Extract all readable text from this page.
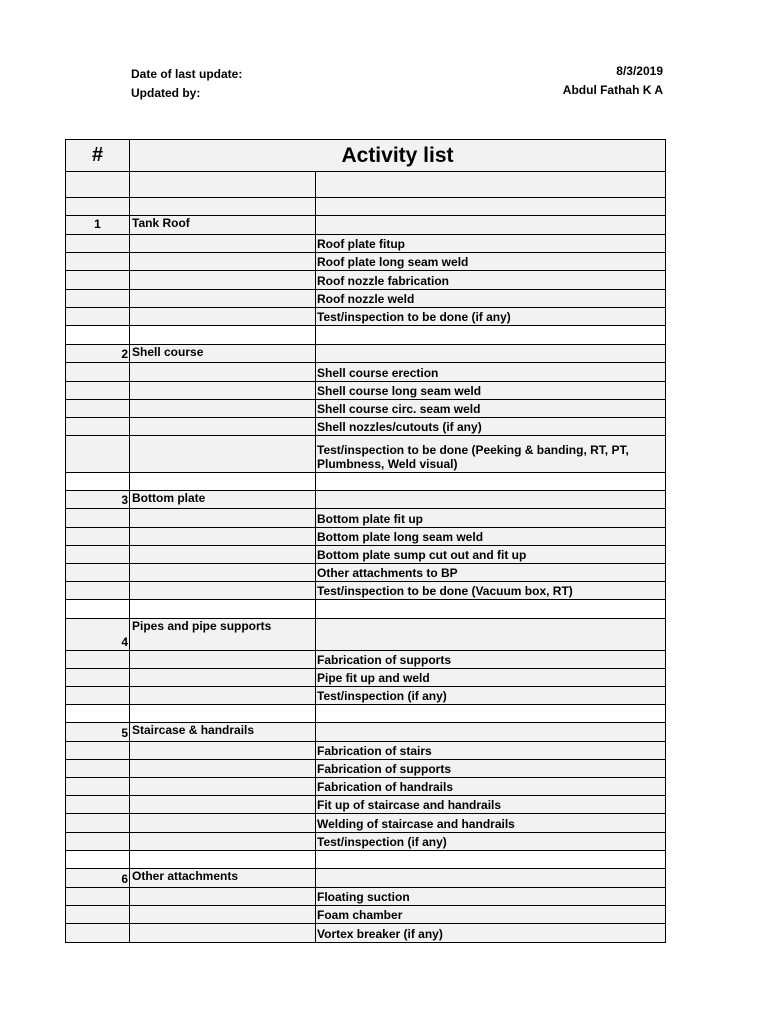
Date of last update:
Updated by:
8/3/2019
Abdul Fathah K A
#	Activity list
1	Tank Roof
Roof plate fitup
Roof plate long seam weld
Roof nozzle fabrication
Roof nozzle weld
Test/inspection to be done (if any)
2 Shell course
Shell course erection
Shell course long seam weld
Shell course circ. seam weld
Shell nozzles/cutouts (if any)
Test/inspection to be done (Peeking & banding, RT, PT, Plumbness, Weld visual)
3 Bottom plate
Bottom plate fit up
Bottom plate long seam weld
Bottom plate sump cut out and fit up
Other attachments to BP
Test/inspection to be done (Vacuum box, RT)
4
Pipes and pipe supports
Fabrication of supports
Pipe fit up and weld
Test/inspection (if any)
5 Staircase & handrails
Fabrication of stairs
Fabrication of supports
Fabrication of handrails
Fit up of staircase and handrails
Welding of staircase and handrails
Test/inspection (if any)
6 Other attachments
Floating suction
Foam chamber
Vortex breaker (if any)
